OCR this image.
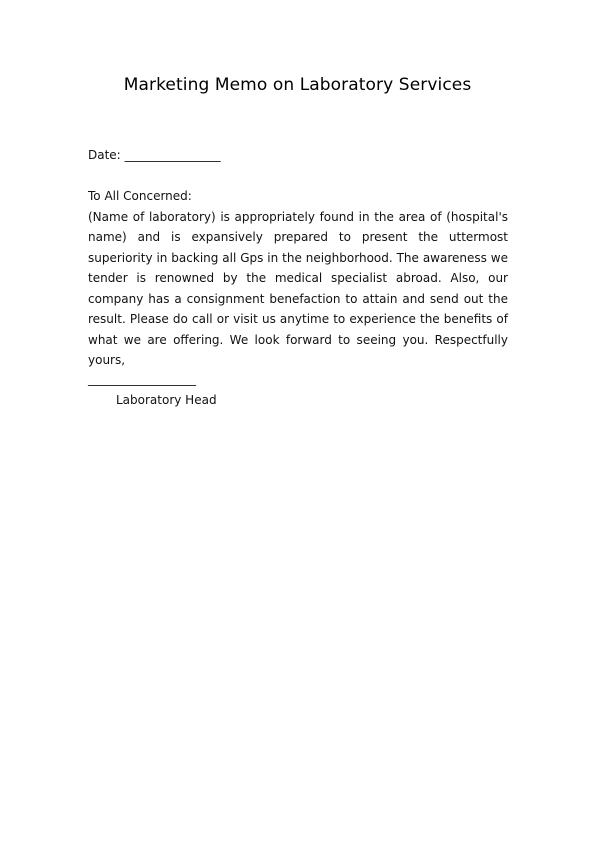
Marketing Memo on Laboratory Services
Date: ________________

To All Concerned:

(Name of laboratory) is appropriately found in the area of (hospital's name) and is expansively prepared to present the uttermost superiority in backing all Gps in the neighborhood. The awareness we tender is renowned by the medical specialist abroad. Also, our company has a consignment benefaction to attain and send out the result. Please do call or visit us anytime to experience the benefits of what we are offering. We look forward to seeing you. Respectfully yours,

__________________
Laboratory Head
